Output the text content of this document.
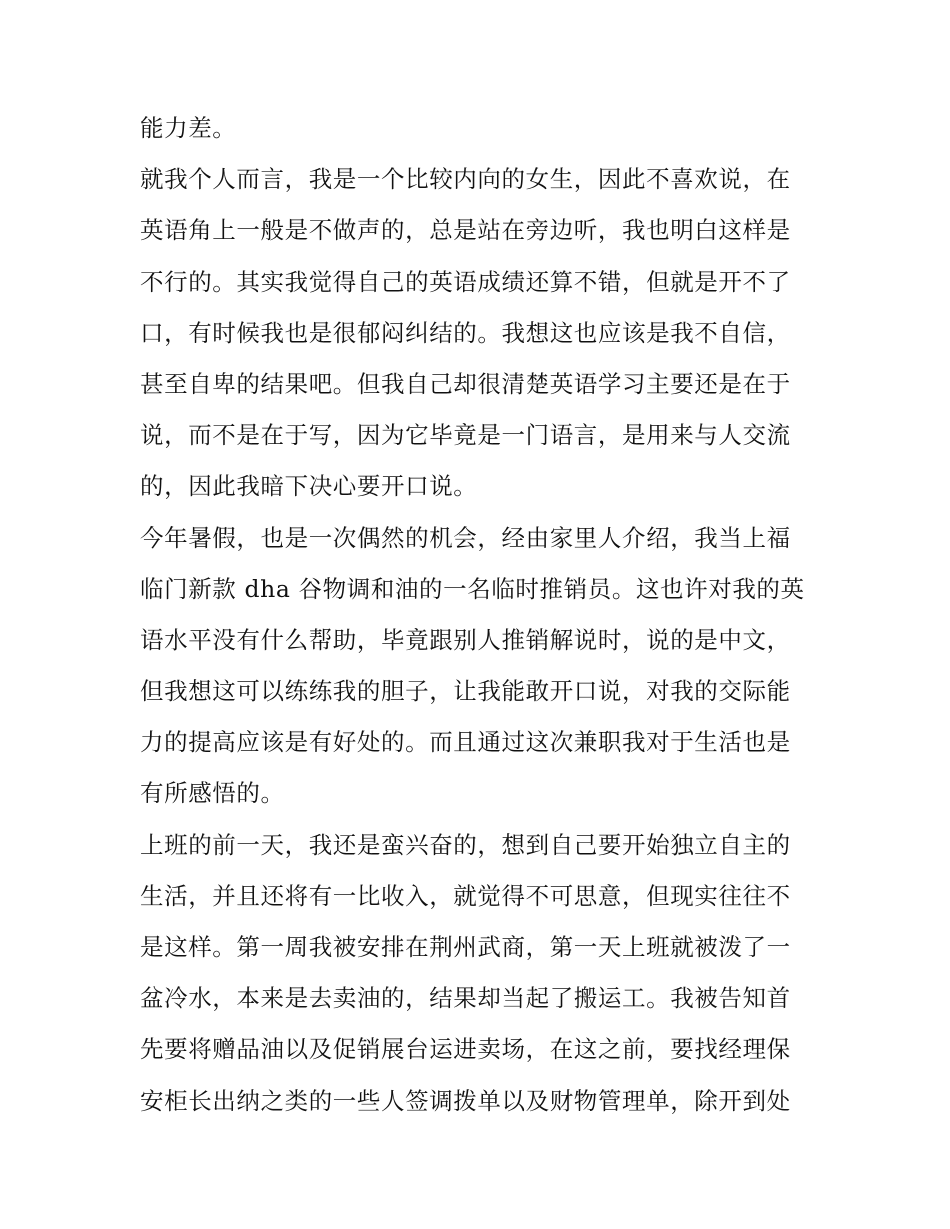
能力差。
就我个人而言，我是一个比较内向的女生，因此不喜欢说，在
英语角上一般是不做声的，总是站在旁边听，我也明白这样是
不行的。其实我觉得自己的英语成绩还算不错，但就是开不了
口，有时候我也是很郁闷纠结的。我想这也应该是我不自信，
甚至自卑的结果吧。但我自己却很清楚英语学习主要还是在于
说，而不是在于写，因为它毕竟是一门语言，是用来与人交流
的，因此我暗下决心要开口说。
今年暑假，也是一次偶然的机会，经由家里人介绍，我当上福
临门新款 dha 谷物调和油的一名临时推销员。这也许对我的英
语水平没有什么帮助，毕竟跟别人推销解说时，说的是中文，
但我想这可以练练我的胆子，让我能敢开口说，对我的交际能
力的提高应该是有好处的。而且通过这次兼职我对于生活也是
有所感悟的。
上班的前一天，我还是蛮兴奋的，想到自己要开始独立自主的
生活，并且还将有一比收入，就觉得不可思意，但现实往往不
是这样。第一周我被安排在荆州武商，第一天上班就被泼了一
盆冷水，本来是去卖油的，结果却当起了搬运工。我被告知首
先要将赠品油以及促销展台运进卖场，在这之前，要找经理保
安柜长出纳之类的一些人签调拨单以及财物管理单，除开到处
